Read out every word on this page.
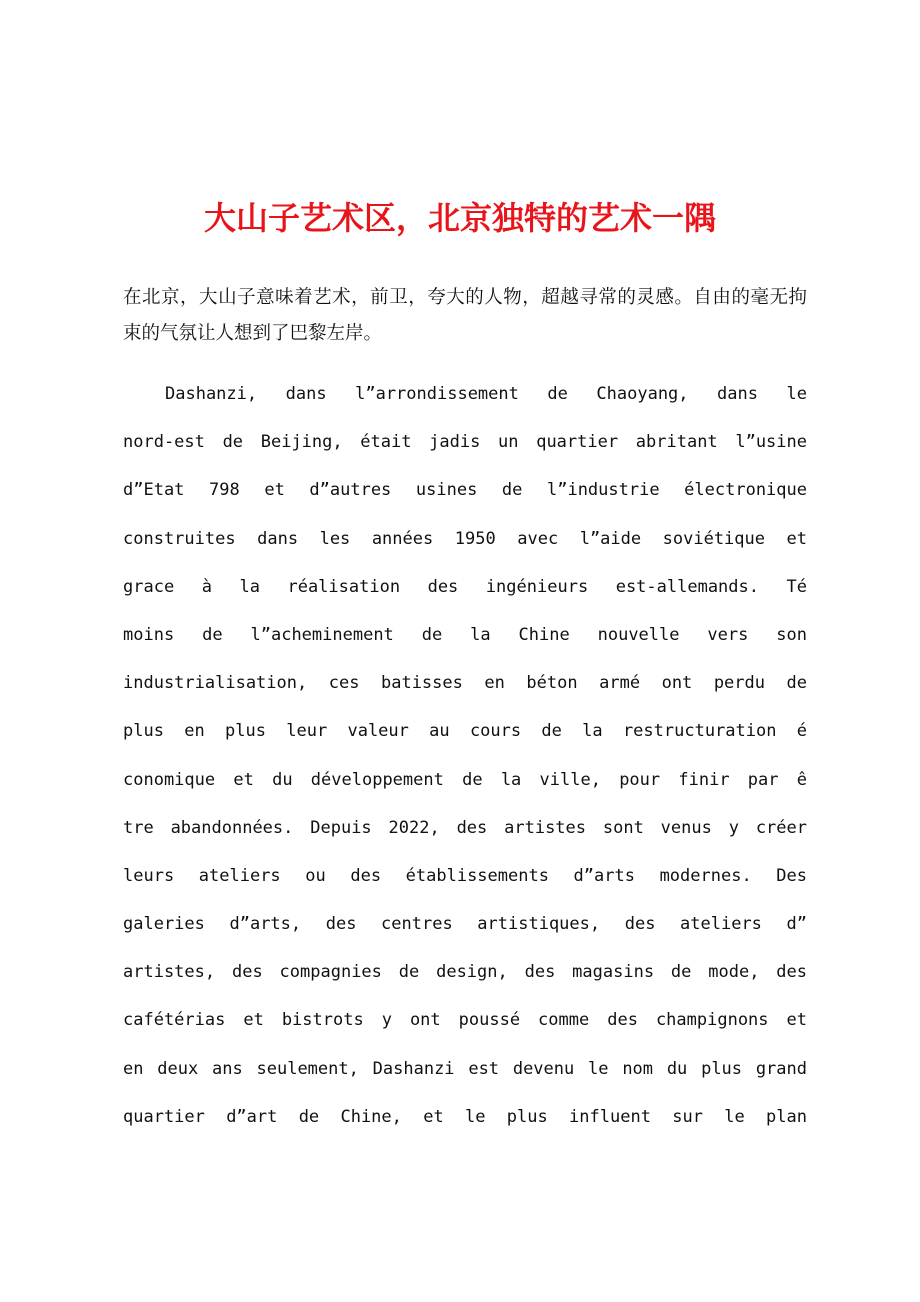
大山子艺术区，北京独特的艺术一隅

在北京，大山子意味着艺术，前卫，夸大的人物，超越寻常的灵感。自由的毫无拘束的气氛让人想到了巴黎左岸。

Dashanzi, dans l”arrondissement de Chaoyang, dans le
nord-est de Beijing, était jadis un quartier abritant l”usine
d”Etat 798 et d”autres usines de l”industrie électronique
construites dans les années 1950 avec l”aide soviétique et
grace à la réalisation des ingénieurs est-allemands. Té
moins de l”acheminement de la Chine nouvelle vers son
industrialisation, ces batisses en béton armé ont perdu de
plus en plus leur valeur au cours de la restructuration é
conomique et du développement de la ville, pour finir par ê
tre abandonnées. Depuis 2022, des artistes sont venus y créer
leurs ateliers ou des établissements d”arts modernes. Des
galeries d”arts, des centres artistiques, des ateliers d”
artistes, des compagnies de design, des magasins de mode, des
cafétérias et bistrots y ont poussé comme des champignons et
en deux ans seulement, Dashanzi est devenu le nom du plus grand
quartier d”art de Chine, et le plus influent sur le plan
